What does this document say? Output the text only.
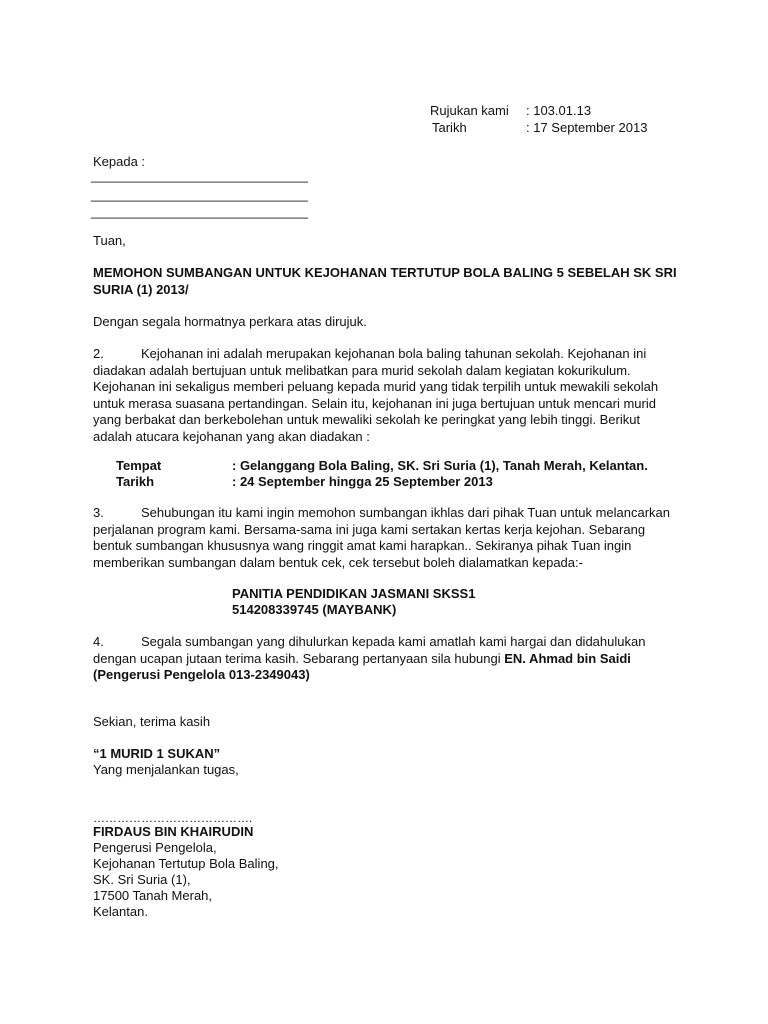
Rujukan kami : 103.01.13
Tarikh	: 17 September 2013
Kepada :
______________________________
______________________________
______________________________
Tuan,
MEMOHON SUMBANGAN UNTUK KEJOHANAN TERTUTUP BOLA BALING 5 SEBELAH SK SRI
SURIA (1) 2013/
Dengan segala hormatnya perkara atas dirujuk.
2.	Kejohanan ini adalah merupakan kejohanan bola baling tahunan sekolah. Kejohanan ini
diadakan adalah bertujuan untuk melibatkan para murid sekolah dalam kegiatan kokurikulum.
Kejohanan ini sekaligus memberi peluang kepada murid yang tidak terpilih untuk mewakili sekolah
untuk merasa suasana pertandingan. Selain itu, kejohanan ini juga bertujuan untuk mencari murid
yang berbakat dan berkebolehan untuk mewaliki sekolah ke peringkat yang lebih tinggi. Berikut
adalah atucara kejohanan yang akan diadakan :
Tempat	: Gelanggang Bola Baling, SK. Sri Suria (1), Tanah Merah, Kelantan.
Tarikh	: 24 September hingga 25 September 2013
3.	Sehubungan itu kami ingin memohon sumbangan ikhlas dari pihak Tuan untuk melancarkan
perjalanan program kami. Bersama-sama ini juga kami sertakan kertas kerja kejohan. Sebarang
bentuk sumbangan khususnya wang ringgit amat kami harapkan.. Sekiranya pihak Tuan ingin
memberikan sumbangan dalam bentuk cek, cek tersebut boleh dialamatkan kepada:-
PANITIA PENDIDIKAN JASMANI SKSS1
514208339745 (MAYBANK)
4.	Segala sumbangan yang dihulurkan kepada kami amatlah kami hargai dan didahulukan
dengan ucapan jutaan terima kasih. Sebarang pertanyaan sila hubungi EN. Ahmad bin Saidi
(Pengerusi Pengelola 013-2349043)
Sekian, terima kasih
“1 MURID 1 SUKAN”
Yang menjalankan tugas,
………………………………….
FIRDAUS BIN KHAIRUDIN
Pengerusi Pengelola,
Kejohanan Tertutup Bola Baling,
SK. Sri Suria (1),
17500 Tanah Merah,
Kelantan.
